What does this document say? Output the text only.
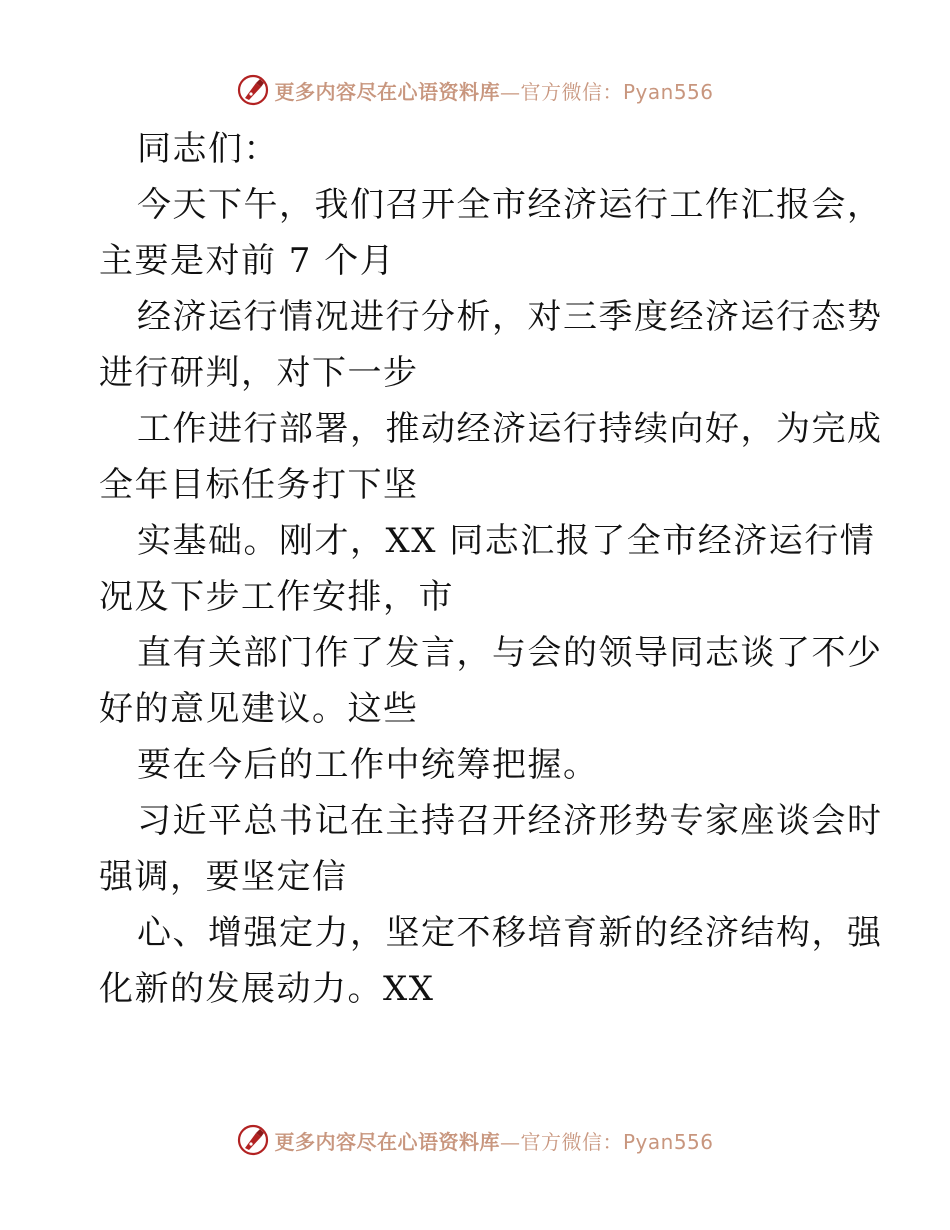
更多内容尽在心语资料库—官方微信：Pyan556
同志们：
今天下午，我们召开全市经济运行工作汇报会，
主要是对前 7 个月
经济运行情况进行分析，对三季度经济运行态势
进行研判，对下一步
工作进行部署，推动经济运行持续向好，为完成
全年目标任务打下坚
实基础。刚才，XX 同志汇报了全市经济运行情
况及下步工作安排，市
直有关部门作了发言，与会的领导同志谈了不少
好的意见建议。这些
要在今后的工作中统筹把握。
习近平总书记在主持召开经济形势专家座谈会时
强调，要坚定信
心、增强定力，坚定不移培育新的经济结构，强
化新的发展动力。XX
更多内容尽在心语资料库—官方微信：Pyan556
